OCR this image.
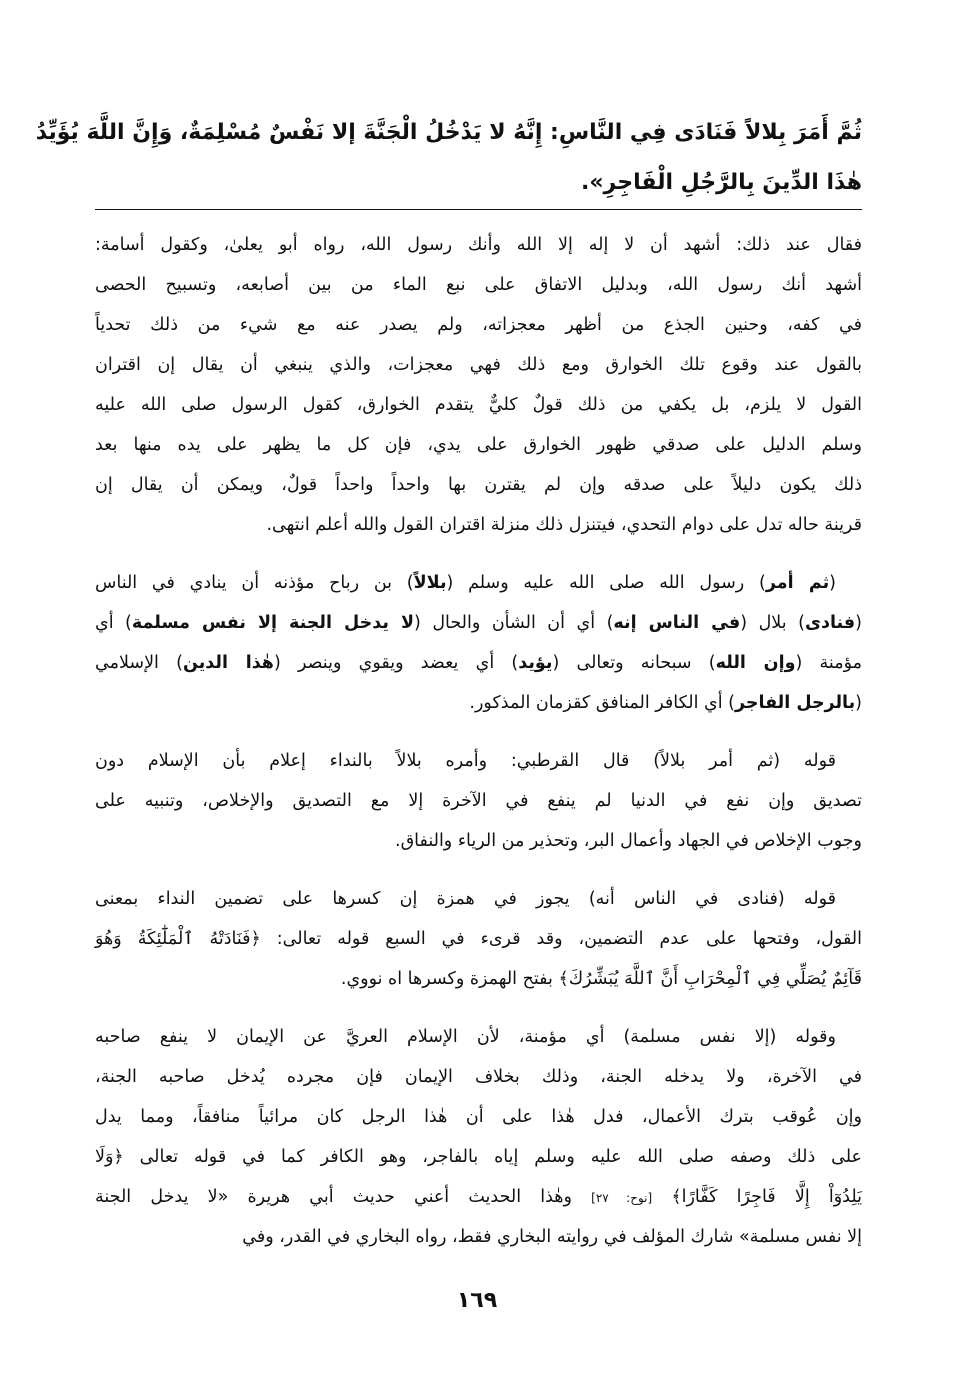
ثُمَّ أَمَرَ بِلالاً فَنَادَى فِي النَّاسِ: إِنَّهُ لا يَدْخُلُ الْجَنَّةَ إلا نَفْسٌ مُسْلِمَةٌ، وَإِنَّ اللَّهَ يُؤَيِّدُ
هٰذَا الدِّينَ بِالرَّجُلِ الْفَاجِرِ».
فقال عند ذلك: أشهد أن لا إله إلا الله وأنك رسول الله، رواه أبو يعلىٰ، وكقول أسامة:
أشهد أنك رسول الله، وبدليل الاتفاق على نبع الماء من بين أصابعه، وتسبيح الحصى
في كفه، وحنين الجذع من أظهر معجزاته، ولم يصدر عنه مع شيء من ذلك تحدياً
بالقول عند وقوع تلك الخوارق ومع ذلك فهي معجزات، والذي ينبغي أن يقال إن اقتران
القول لا يلزم، بل يكفي من ذلك قولٌ كليٌّ يتقدم الخوارق، كقول الرسول صلى الله عليه
وسلم الدليل على صدقي ظهور الخوارق على يدي، فإن كل ما يظهر على يده منها بعد
ذلك يكون دليلاً على صدقه وإن لم يقترن بها واحداً واحداً قولٌ، ويمكن أن يقال إن
قرينة حاله تدل على دوام التحدي، فيتنزل ذلك منزلة اقتران القول والله أعلم انتهى.
(ثم أمر) رسول الله صلى الله عليه وسلم (بلالاً) بن رباح مؤذنه أن ينادي في الناس
(فنادى) بلال (في الناس إنه) أي أن الشأن والحال (لا يدخل الجنة إلا نفس مسلمة) أي
مؤمنة (وإن الله) سبحانه وتعالى (يؤيد) أي يعضد ويقوي وينصر (هٰذا الدين) الإسلامي
(بالرجل الفاجر) أي الكافر المنافق كقزمان المذكور.
قوله (ثم أمر بلالاً) قال القرطبي: وأمره بلالاً بالنداء إعلام بأن الإسلام دون
تصديق وإن نفع في الدنيا لم ينفع في الآخرة إلا مع التصديق والإخلاص، وتنبيه على
وجوب الإخلاص في الجهاد وأعمال البر، وتحذير من الرياء والنفاق.
قوله (فنادى في الناس أنه) يجوز في همزة إن كسرها على تضمين النداء بمعنى
القول، وفتحها على عدم التضمين، وقد قرىء في السبع قوله تعالى: ﴿فَنَادَتْهُ ٱلْمَلَٰٓئِكَةُ وَهُوَ
قَآئِمٌ يُصَلِّي فِي ٱلْمِحْرَابِ أَنَّ ٱللَّهَ يُبَشِّرُكَ﴾ بفتح الهمزة وكسرها اه نووي.
وقوله (إلا نفس مسلمة) أي مؤمنة، لأن الإسلام العريَّ عن الإيمان لا ينفع صاحبه
في الآخرة، ولا يدخله الجنة، وذلك بخلاف الإيمان فإن مجرده يُدخل صاحبه الجنة،
وإن عُوقب بترك الأعمال، فدل هٰذا على أن هٰذا الرجل كان مرائياً منافقاً، ومما يدل
على ذلك وصفه صلى الله عليه وسلم إياه بالفاجر، وهو الكافر كما في قوله تعالى ﴿وَلَا
يَلِدُوٓاْ إِلَّا فَاجِرًا كَفَّارًا﴾ [نوح: ٢٧] وهٰذا الحديث أعني حديث أبي هريرة «لا يدخل الجنة
إلا نفس مسلمة» شارك المؤلف في روايته البخاري فقط، رواه البخاري في القدر، وفي
١٦٩
